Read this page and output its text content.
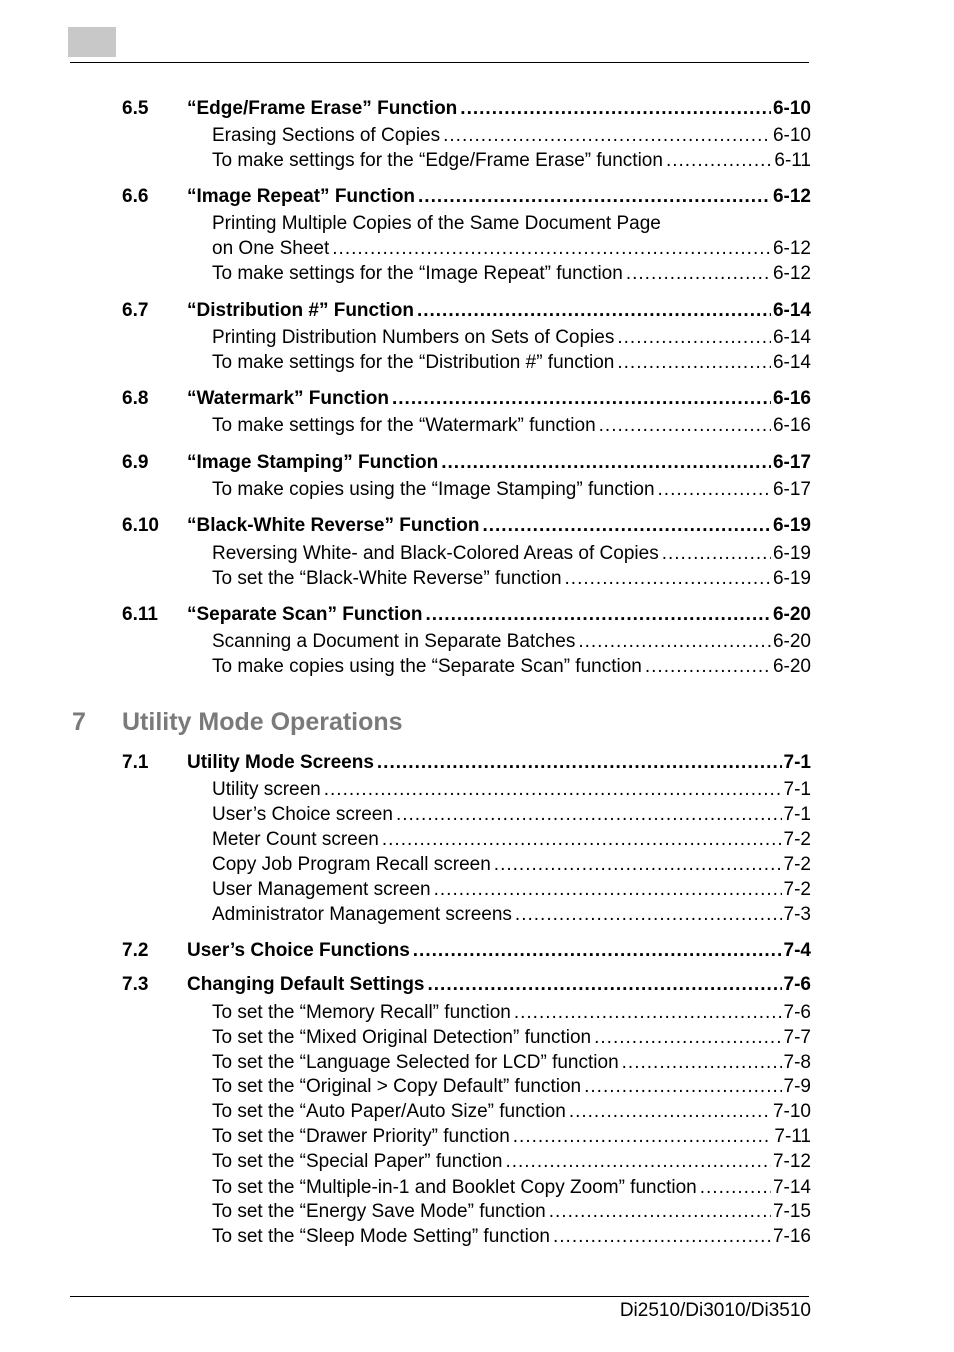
6.5	“Edge/Frame Erase” Function .....	6-10
Erasing Sections of Copies .....	6-10
To make settings for the “Edge/Frame Erase” function .....	6-11
6.6	“Image Repeat” Function .....	6-12
Printing Multiple Copies of the Same Document Page
on One Sheet .....	6-12
To make settings for the “Image Repeat” function .....	6-12
6.7	“Distribution #” Function .....	6-14
Printing Distribution Numbers on Sets of Copies .....	6-14
To make settings for the “Distribution #” function .....	6-14
6.8	“Watermark” Function .....	6-16
To make settings for the “Watermark” function .....	6-16
6.9	“Image Stamping” Function .....	6-17
To make copies using the “Image Stamping” function .....	6-17
6.10	“Black-White Reverse” Function .....	6-19
Reversing White- and Black-Colored Areas of Copies .....	6-19
To set the “Black-White Reverse” function .....	6-19
6.11	“Separate Scan” Function .....	6-20
Scanning a Document in Separate Batches .....	6-20
To make copies using the “Separate Scan” function .....	6-20
7.1	Utility Mode Screens .....	7-1
Utility screen .....	7-1
User’s Choice screen .....	7-1
Meter Count screen .....	7-2
Copy Job Program Recall screen .....	7-2
User Management screen .....	7-2
Administrator Management screens .....	7-3
7.2	User’s Choice Functions .....	7-4
7.3	Changing Default Settings .....	7-6
To set the “Memory Recall” function .....	7-6
To set the “Mixed Original Detection” function .....	7-7
To set the “Language Selected for LCD” function .....	7-8
To set the “Original > Copy Default” function .....	7-9
To set the “Auto Paper/Auto Size” function .....	7-10
To set the “Drawer Priority” function .....	7-11
To set the “Special Paper” function .....	7-12
To set the “Multiple-in-1 and Booklet Copy Zoom” function .....	7-14
To set the “Energy Save Mode” function .....	7-15
To set the “Sleep Mode Setting” function .....	7-16
7 Utility Mode Operations
Di2510/Di3010/Di3510
